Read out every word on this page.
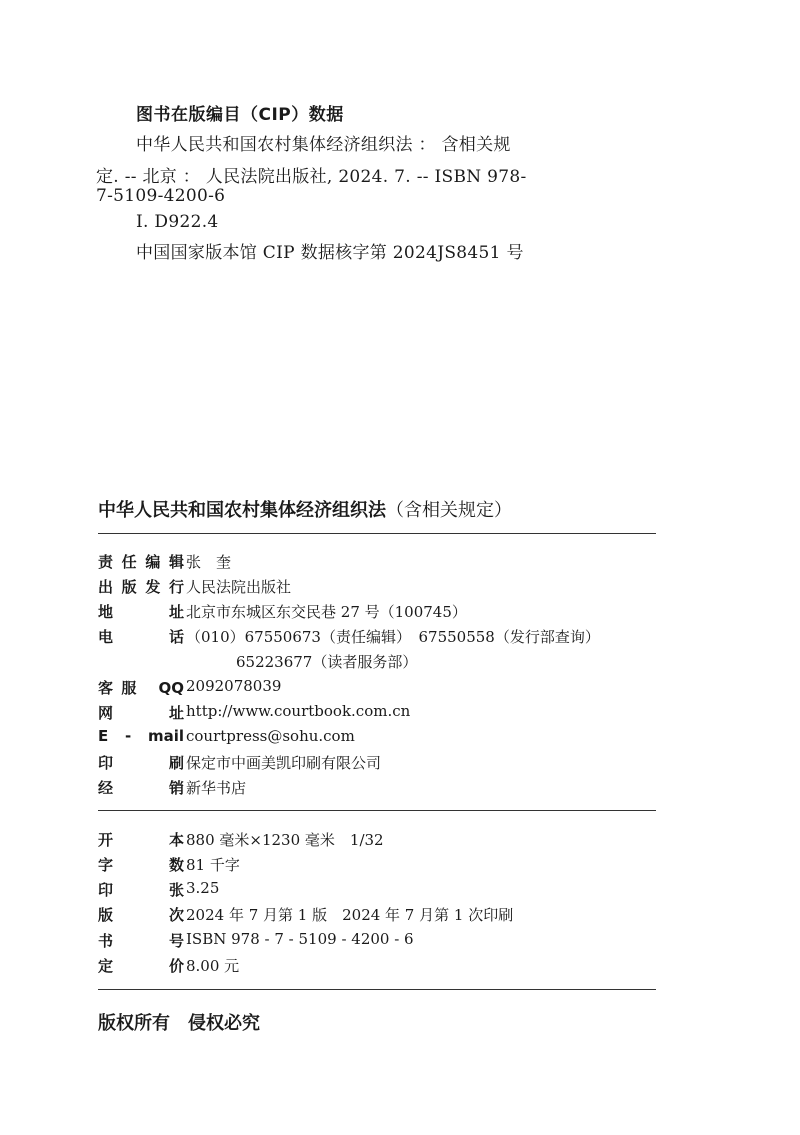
图书在版编目（CIP）数据
中华人民共和国农村集体经济组织法 ： 含相关规
定. -- 北京 ： 人民法院出版社, 2024. 7. -- ISBN 978-
7-5109-4200-6
Ⅰ. D922.4
中国国家版本馆 CIP 数据核字第 2024JS8451 号
中华人民共和国农村集体经济组织法（含相关规定）
责任编辑 张　奎
出版发行 人民法院出版社
地　址 北京市东城区东交民巷 27 号（100745）
电　话 （010）67550673（责任编辑）　67550558（发行部查询）
65223677（读者服务部）
客服 QQ 2092078039
网　址 http://www.courtbook.com.cn
E - mail courtpress@sohu.com
印　刷 保定市中画美凯印刷有限公司
经　销 新华书店
开　本 880 毫米×1230 毫米　1/32
字　数 81 千字
印　张 3.25
版　次 2024 年 7 月第 1 版　2024 年 7 月第 1 次印刷
书　号 ISBN 978 - 7 - 5109 - 4200 - 6
定　价 8.00 元
版权所有　侵权必究
